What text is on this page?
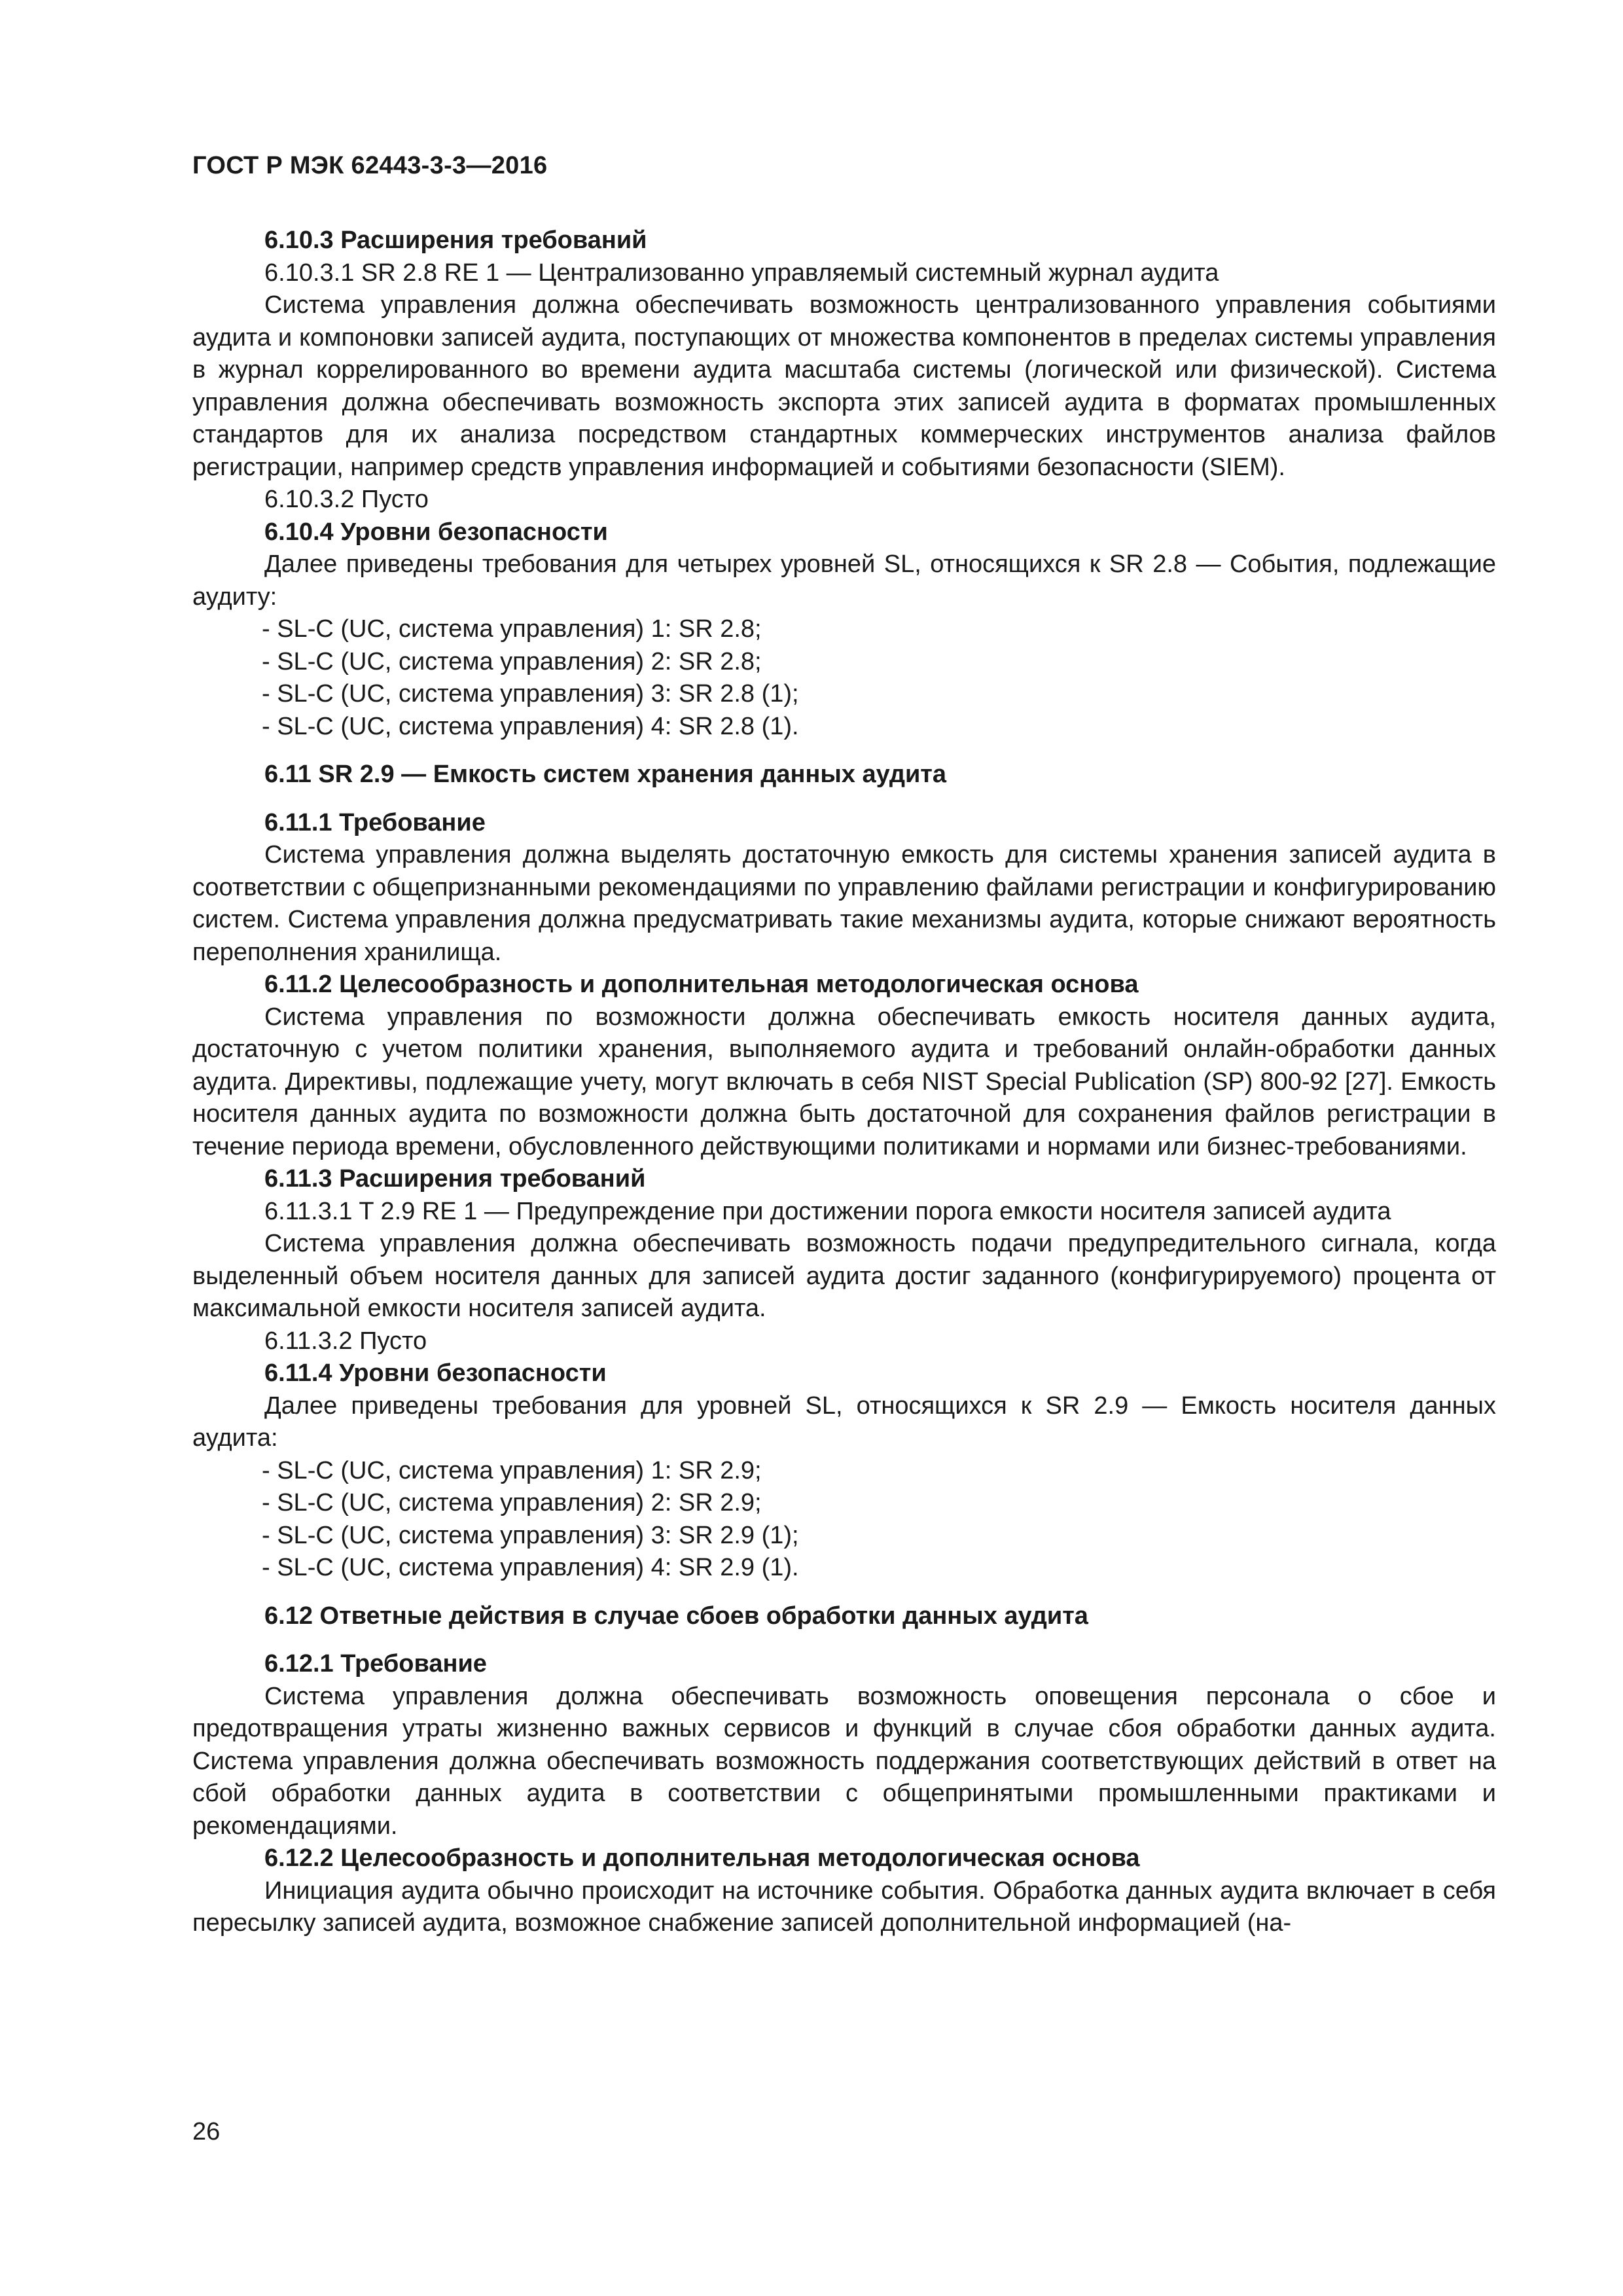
ГОСТ Р МЭК 62443-3-3—2016

6.10.3 Расширения требований

6.10.3.1 SR 2.8 RE 1 — Централизованно управляемый системный журнал аудита

Система управления должна обеспечивать возможность централизованного управления событиями аудита и компоновки записей аудита, поступающих от множества компонентов в пределах системы управления в журнал коррелированного во времени аудита масштаба системы (логической или физической). Система управления должна обеспечивать возможность экспорта этих записей аудита в форматах промышленных стандартов для их анализа посредством стандартных коммерческих инструментов анализа файлов регистрации, например средств управления информацией и событиями безопасности (SIEM).

6.10.3.2 Пусто

6.10.4 Уровни безопасности

Далее приведены требования для четырех уровней SL, относящихся к SR 2.8 — События, подлежащие аудиту:

- SL-C (UC, система управления) 1: SR 2.8;

- SL-C (UC, система управления) 2: SR 2.8;

- SL-C (UC, система управления) 3: SR 2.8 (1);

- SL-C (UC, система управления) 4: SR 2.8 (1).

6.11 SR 2.9 — Емкость систем хранения данных аудита

6.11.1 Требование

Система управления должна выделять достаточную емкость для системы хранения записей аудита в соответствии с общепризнанными рекомендациями по управлению файлами регистрации и конфигурированию систем. Система управления должна предусматривать такие механизмы аудита, которые снижают вероятность переполнения хранилища.

6.11.2 Целесообразность и дополнительная методологическая основа

Система управления по возможности должна обеспечивать емкость носителя данных аудита, достаточную с учетом политики хранения, выполняемого аудита и требований онлайн-обработки данных аудита. Директивы, подлежащие учету, могут включать в себя NIST Special Publication (SP) 800-92 [27]. Емкость носителя данных аудита по возможности должна быть достаточной для сохранения файлов регистрации в течение периода времени, обусловленного действующими политиками и нормами или бизнес-требованиями.

6.11.3 Расширения требований

6.11.3.1 T 2.9 RE 1 — Предупреждение при достижении порога емкости носителя записей аудита

Система управления должна обеспечивать возможность подачи предупредительного сигнала, когда выделенный объем носителя данных для записей аудита достиг заданного (конфигурируемого) процента от максимальной емкости носителя записей аудита.

6.11.3.2 Пусто

6.11.4 Уровни безопасности

Далее приведены требования для уровней SL, относящихся к SR 2.9 — Емкость носителя данных аудита:

- SL-C (UC, система управления) 1: SR 2.9;

- SL-C (UC, система управления) 2: SR 2.9;

- SL-C (UC, система управления) 3: SR 2.9 (1);

- SL-C (UC, система управления) 4: SR 2.9 (1).

6.12 Ответные действия в случае сбоев обработки данных аудита

6.12.1 Требование

Система управления должна обеспечивать возможность оповещения персонала о сбое и предотвращения утраты жизненно важных сервисов и функций в случае сбоя обработки данных аудита. Система управления должна обеспечивать возможность поддержания соответствующих действий в ответ на сбой обработки данных аудита в соответствии с общепринятыми промышленными практиками и рекомендациями.

6.12.2 Целесообразность и дополнительная методологическая основа

Инициация аудита обычно происходит на источнике события. Обработка данных аудита включает в себя пересылку записей аудита, возможное снабжение записей дополнительной информацией (на-

26
